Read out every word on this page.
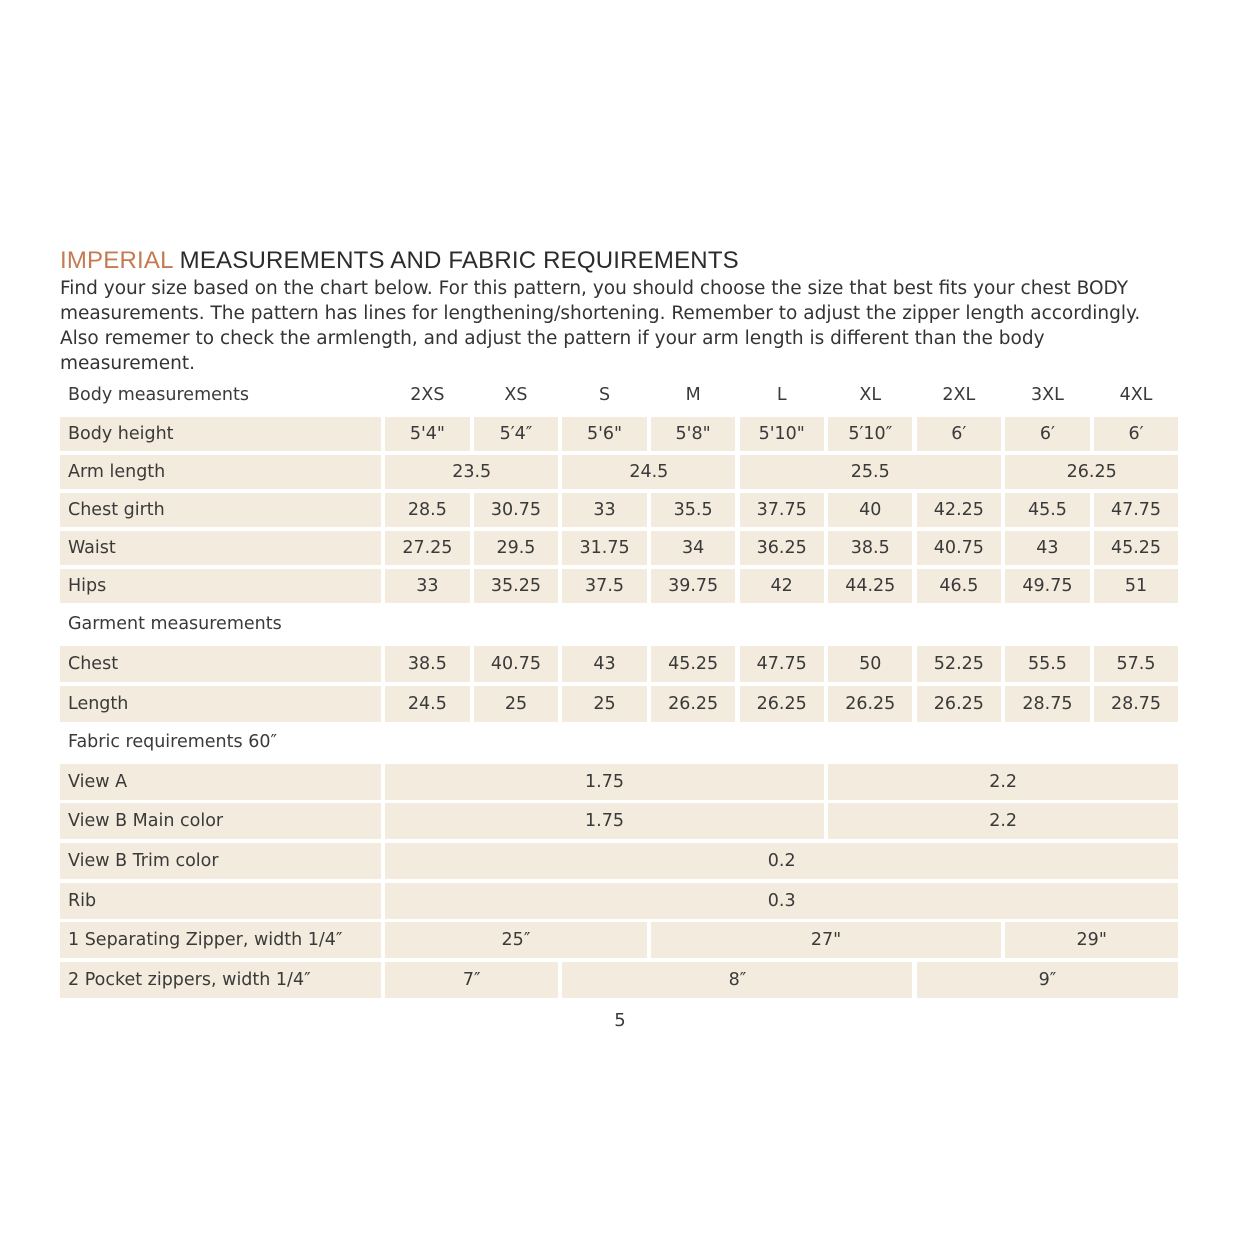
IMPERIAL MEASUREMENTS AND FABRIC REQUIREMENTS

Find your size based on the chart below. For this pattern, you should choose the size that best fits your chest BODY measurements. The pattern has lines for lengthening/shortening. Remember to adjust the zipper length accordingly. Also rememer to check the armlength, and adjust the pattern if your arm length is different than the body measurement.

Body measurements	2XS	XS	S	M	L	XL	2XL	3XL	4XL
Body height	5'4"	5′4″	5'6"	5'8"	5'10"	5′10″	6′	6′	6′
Arm length	23.5	24.5	25.5	26.25
Chest girth	28.5	30.75	33	35.5	37.75	40	42.25	45.5	47.75
Waist	27.25	29.5	31.75	34	36.25	38.5	40.75	43	45.25
Hips	33	35.25	37.5	39.75	42	44.25	46.5	49.75	51
Garment measurements
Chest	38.5	40.75	43	45.25	47.75	50	52.25	55.5	57.5
Length	24.5	25	25	26.25	26.25	26.25	26.25	28.75	28.75
Fabric requirements 60″
View A	1.75	2.2
View B Main color	1.75	2.2
View B Trim color	0.2
Rib	0.3
1 Separating Zipper, width 1/4″	25″	27"	29"
2 Pocket zippers, width 1/4″	7″	8″	9″
5
